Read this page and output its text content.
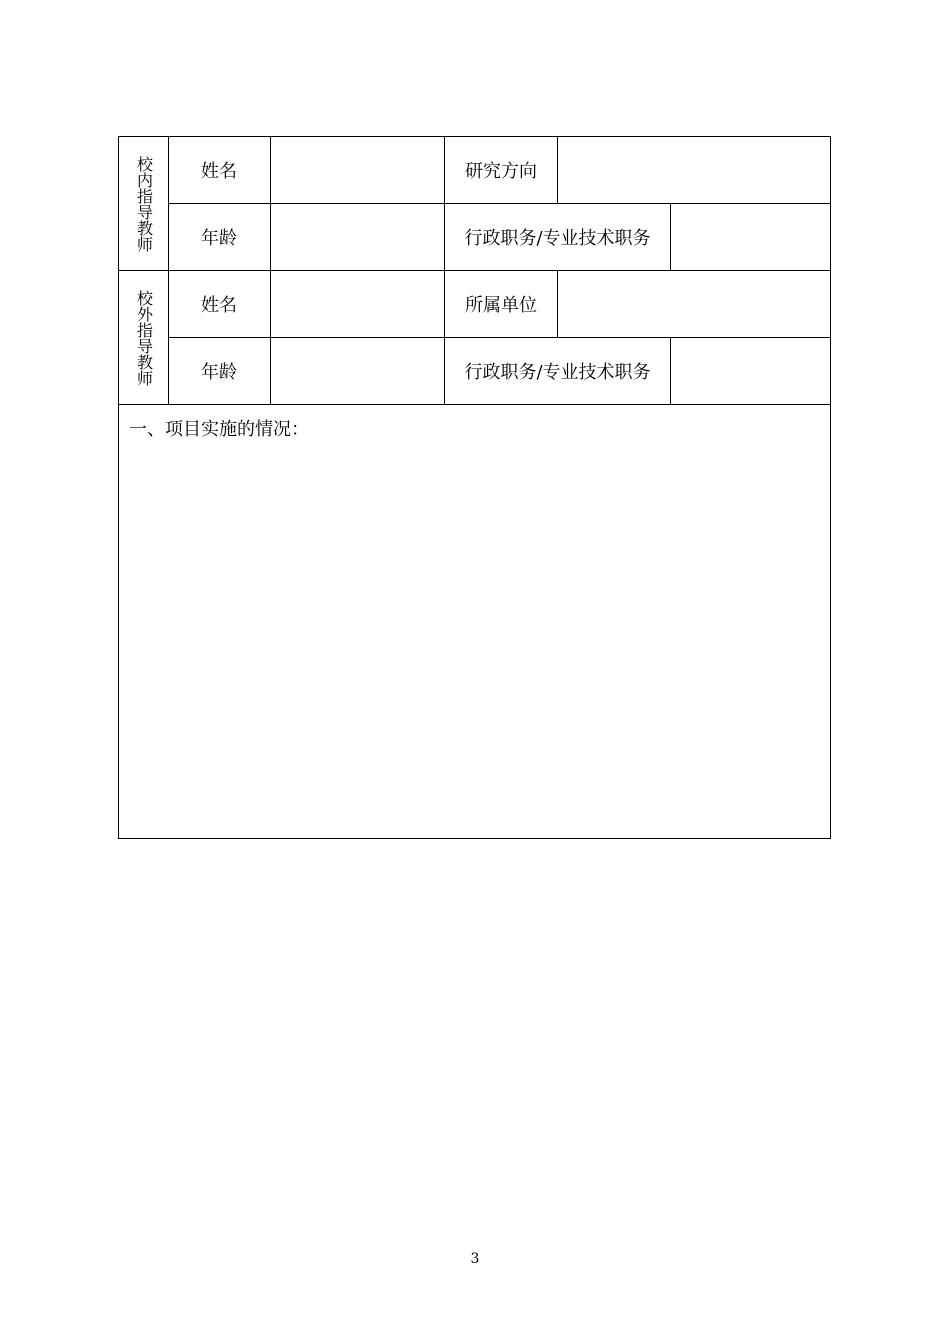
校内指导教师	姓名	研究方向
年龄	行政职务/专业技术职务
校外指导教师	姓名	所属单位
年龄	行政职务/专业技术职务
一、项目实施的情况：
3
